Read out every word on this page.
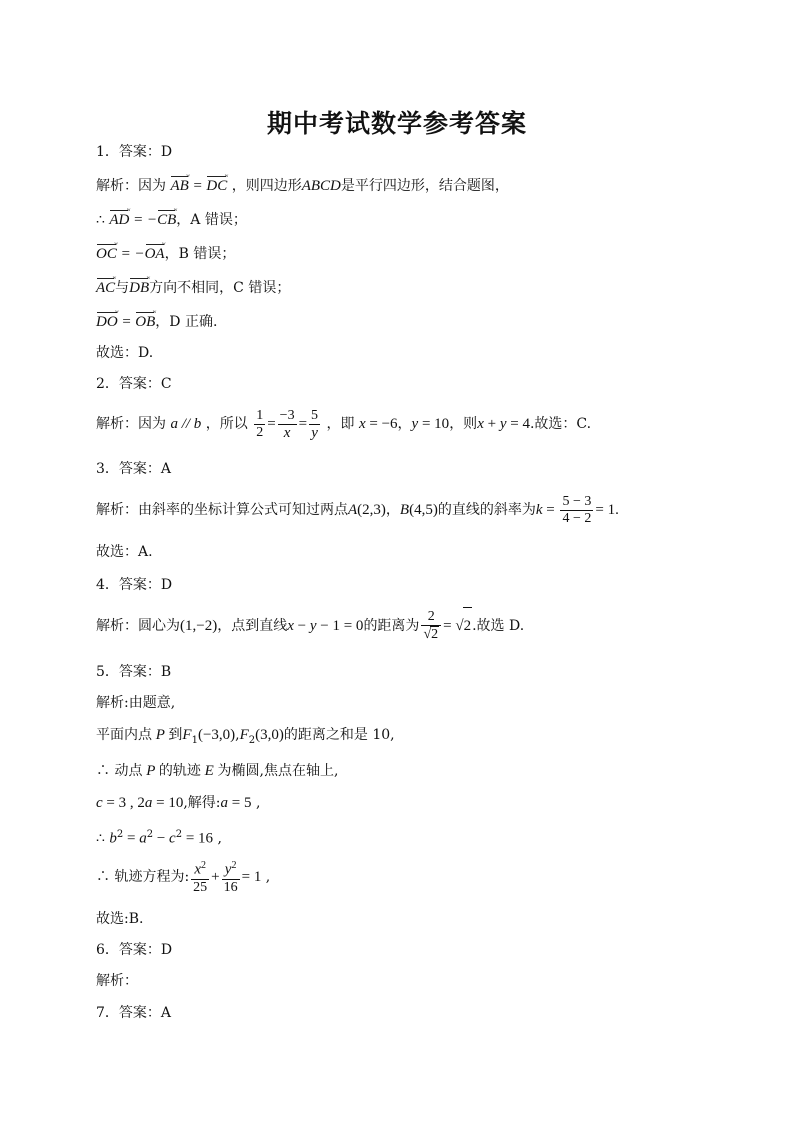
期中考试数学参考答案
1．答案：D
解析：因为 AB ʷ = DC ʷ ，则四边形ABCD是平行四边形，结合题图，
∴ AD ʷ = −CB ʷ，A 错误；
OC ʷ = −OA ʷ，B 错误；
AC ʷ与DB ʷ方向不相同，C 错误；
DO ʷ = OB ʷ，D 正确.
故选：D.
2．答案：C
解析：因为 a // b ，所以 $\frac{1}{2} = \frac{-3}{x} = \frac{5}{y}$ ，即 x = −6，y = 10，则x + y = 4.故选：C.
3．答案：A
解析：由斜率的坐标计算公式可知过两点A(2,3)，B(4,5)的直线的斜率为$k = \frac{5 - 3}{4 - 2} = 1$.
故选：A.
4．答案：D
解析：圆心为(1,−2)，点到直线x − y − 1 = 0的距离为 $\frac{2}{√2} = √2$.故选 D.
5．答案：B
解析:由题意,
平面内点 P 到$F_1(-3,0),F_2(3,0)$的距离之和是 10,
∴ 动点 P 的轨迹 E 为椭圆,焦点在轴上,
c = 3 , 2a = 10,解得:a = 5 ,
∴ $b^2 = a^2 - c^2 = 16$ ,
∴ 轨迹方程为: $\frac{x^2}{25} + \frac{y^2}{16} = 1$ ,
故选:B.
6．答案：D
解析：
7．答案：A
